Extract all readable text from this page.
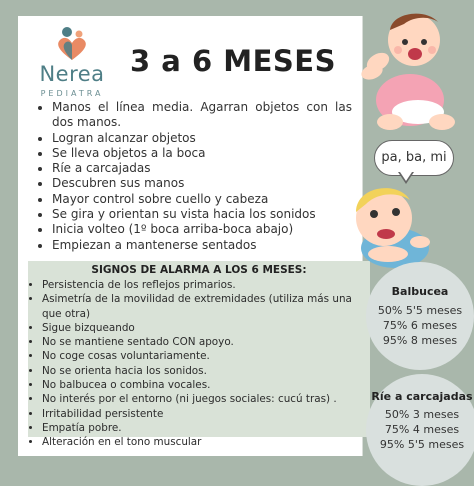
Nerea
PEDIATRA
3 a 6 MESES
• Manos el línea media. Agarran objetos con las dos manos.
• Logran alcanzar objetos
• Se lleva objetos a la boca
• Ríe a carcajadas
• Descubren sus manos
• Mayor control sobre cuello y cabeza
• Se gira y orientan su vista hacia los sonidos
• Inicia volteo (1º boca arriba-boca abajo)
• Empiezan a mantenerse sentados
SIGNOS DE ALARMA A LOS 6 MESES:
• Persistencia de los reflejos primarios.
• Asimetría de la movilidad de extremidades (utiliza más una que otra)
• Sigue bizqueando
• No se mantiene sentado CON apoyo.
• No coge cosas voluntariamente.
• No se orienta hacia los sonidos.
• No balbucea o combina vocales.
• No interés por el entorno (ni juegos sociales: cucú tras) .
• Irritabilidad persistente
• Empatía pobre.
• Alteración en el tono muscular
pa, ba, mi
Balbucea
50% 5'5 meses
75% 6 meses
95% 8 meses
Ríe a carcajadas
50% 3 meses
75% 4 meses
95% 5'5 meses
